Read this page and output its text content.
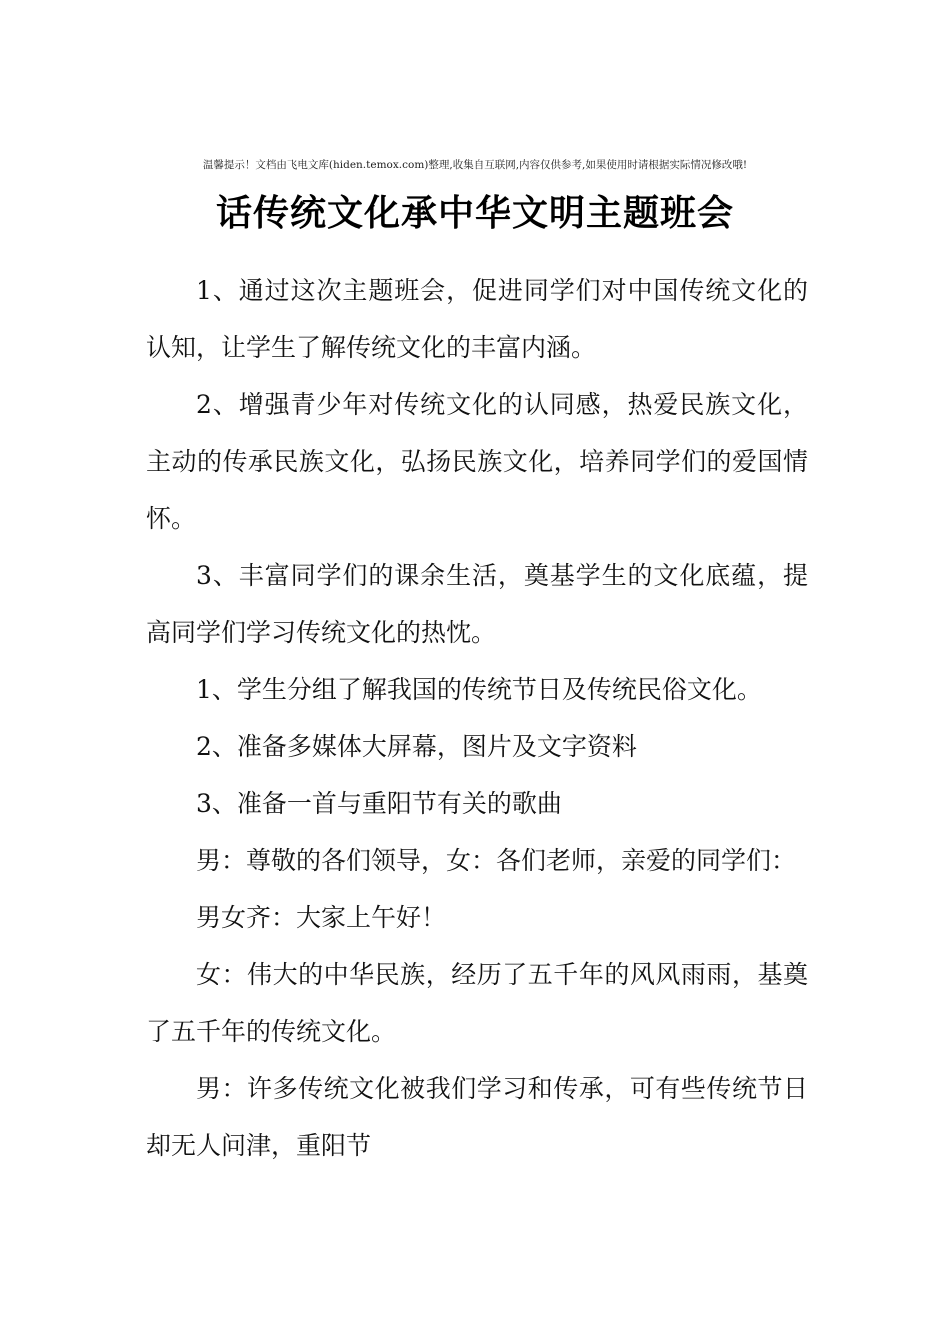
温馨提示！文档由飞电文库(hiden.temox.com)整理,收集自互联网,内容仅供参考,如果使用时请根据实际情况修改哦!
话传统文化承中华文明主题班会

1、通过这次主题班会，促进同学们对中国传统文化的认知，让学生了解传统文化的丰富内涵。

2、增强青少年对传统文化的认同感，热爱民族文化，主动的传承民族文化，弘扬民族文化，培养同学们的爱国情怀。

3、丰富同学们的课余生活，奠基学生的文化底蕴，提高同学们学习传统文化的热忱。

1、学生分组了解我国的传统节日及传统民俗文化。

2、准备多媒体大屏幕，图片及文字资料

3、准备一首与重阳节有关的歌曲

男：尊敬的各们领导，女：各们老师，亲爱的同学们：

男女齐：大家上午好！

女：伟大的中华民族，经历了五千年的风风雨雨，基奠了五千年的传统文化。

男：许多传统文化被我们学习和传承，可有些传统节日却无人问津，重阳节
